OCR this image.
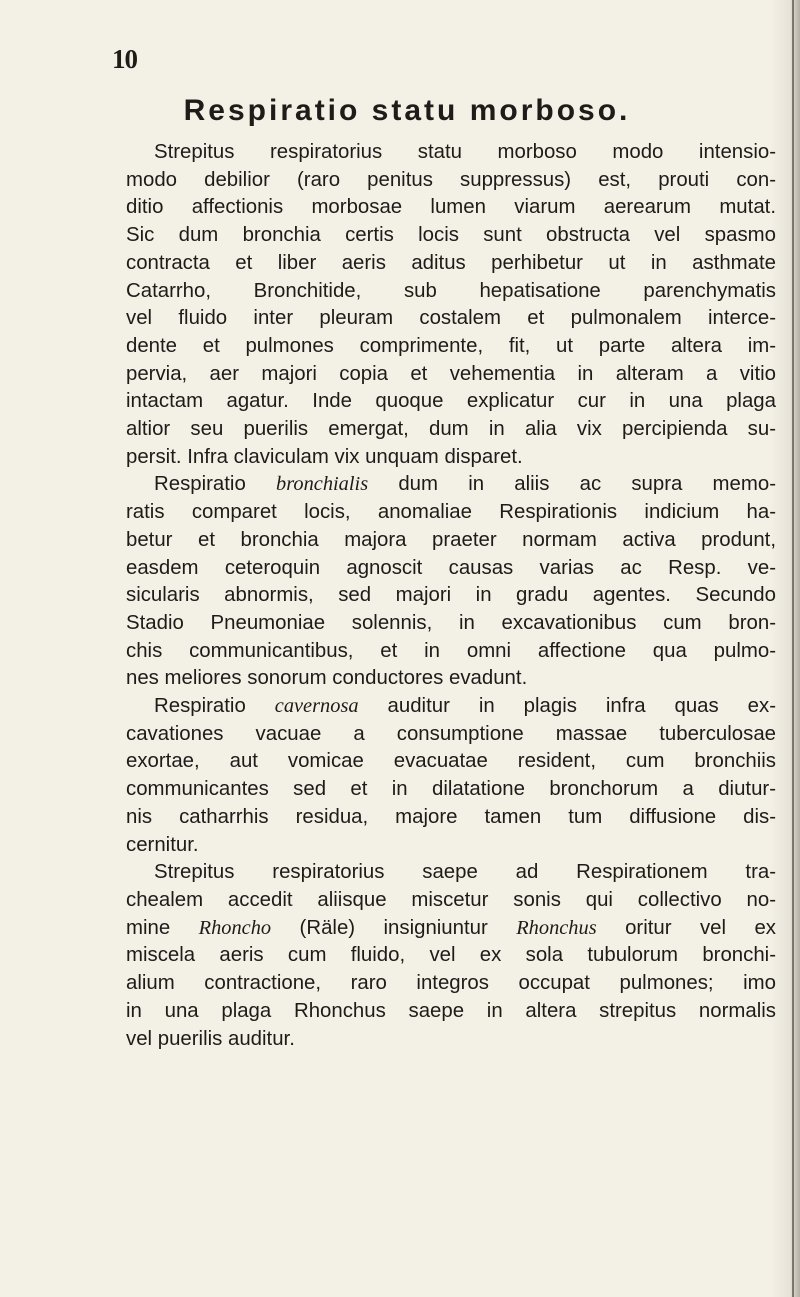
10
Respiratio statu morboso.

Strepitus respiratorius statu morboso modo intensio-
modo debilior (raro penitus suppressus) est, prouti con-
ditio affectionis morbosae lumen viarum aerearum mutat.
Sic dum bronchia certis locis sunt obstructa vel spasmo
contracta et liber aeris aditus perhibetur ut in asthmate
Catarrho, Bronchitide, sub hepatisatione parenchymatis
vel fluido inter pleuram costalem et pulmonalem interce-
dente et pulmones comprimente, fit, ut parte altera im-
pervia, aer majori copia et vehementia in alteram a vitio
intactam agatur. Inde quoque explicatur cur in una plaga
altior seu puerilis emergat, dum in alia vix percipienda su-
persit. Infra claviculam vix unquam disparet.

Respiratio bronchialis dum in aliis ac supra memo-
ratis comparet locis, anomaliae Respirationis indicium ha-
betur et bronchia majora praeter normam activa produnt,
easdem ceteroquin agnoscit causas varias ac Resp. ve-
sicularis abnormis, sed majori in gradu agentes. Secundo
Stadio Pneumoniae solennis, in excavationibus cum bron-
chis communicantibus, et in omni affectione qua pulmo-
nes meliores sonorum conductores evadunt.

Respiratio cavernosa auditur in plagis infra quas ex-
cavationes vacuae a consumptione massae tuberculosae
exortae, aut vomicae evacuatae resident, cum bronchiis
communicantes sed et in dilatatione bronchorum a diutur-
nis catharrhis residua, majore tamen tum diffusione dis-
cernitur.

Strepitus respiratorius saepe ad Respirationem tra-
chealem accedit aliisque miscetur sonis qui collectivo no-
mine Rhoncho (Räle) insigniuntur Rhonchus oritur vel ex
miscela aeris cum fluido, vel ex sola tubulorum bronchi-
alium contractione, raro integros occupat pulmones; imo
in una plaga Rhonchus saepe in altera strepitus normalis
vel puerilis auditur.
